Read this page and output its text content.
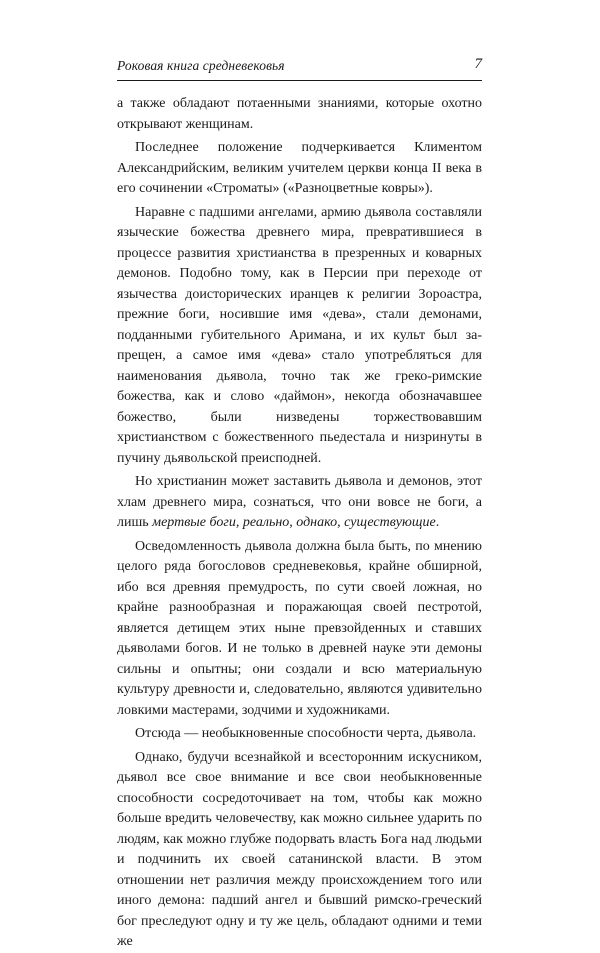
Роковая книга средневековья	7

а также обладают потаенными знаниями, которые охотно открывают женщинам.

Последнее положение подчеркивается Климентом Александрийским, великим учителем церкви конца II века в его сочинении «Строматы» («Разноцветные ковры»).

Наравне с падшими ангелами, армию дьявола составляли языческие божества древнего мира, превратившиеся в процессе развития христианства в презренных и коварных демонов. Подобно тому, как в Персии при переходе от язычества доисторических иранцев к религии Зороастра, прежние боги, носившие имя «дева», стали демонами, подданными губительного Аримана, и их культ был запрещен, а самое имя «дева» стало употребляться для наименования дьявола, точно так же греко-римские божества, как и слово «даймон», некогда обозначавшее божество, были низведены торжествовавшим христианством с божественного пьедестала и низринуты в пучину дьявольской преисподней.

Но христианин может заставить дьявола и демонов, этот хлам древнего мира, сознаться, что они вовсе не боги, а лишь мертвые боги, реально, однако, существующие.

Осведомленность дьявола должна была быть, по мнению целого ряда богословов средневековья, крайне обширной, ибо вся древняя премудрость, по сути своей ложная, но крайне разнообразная и поражающая своей пестротой, является детищем этих ныне превзойденных и ставших дьяволами богов. И не только в древней науке эти демоны сильны и опытны; они создали и всю материальную культуру древности и, следовательно, являются удивительно ловкими мастерами, зодчими и художниками.

Отсюда — необыкновенные способности черта, дьявола.

Однако, будучи всезнайкой и всесторонним искусником, дьявол все свое внимание и все свои необыкновенные способности сосредоточивает на том, чтобы как можно больше вредить человечеству, как можно сильнее ударить по людям, как можно глубже подорвать власть Бога над людьми и подчинить их своей сатанинской власти. В этом отношении нет различия между происхождением того или иного демона: падший ангел и бывший римско-греческий бог преследуют одну и ту же цель, обладают одними и теми же
